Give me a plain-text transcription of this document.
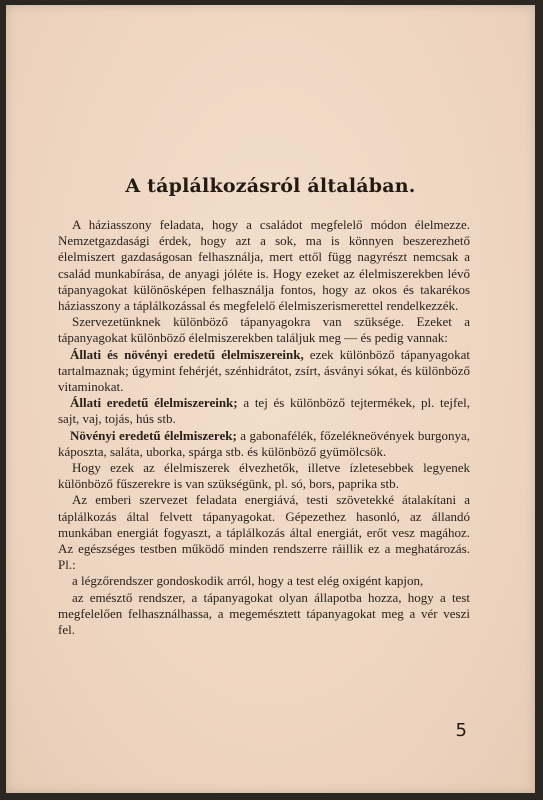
A táplálkozásról általában.

A háziasszony feladata, hogy a családot megfelelő módon élelmezze. Nemzetgazdasági érdek, hogy azt a sok, ma is könnyen beszerezhető élelmiszert gazdaságosan felhasználja, mert ettől függ nagyrészt nemcsak a család munkabírása, de anyagi jóléte is. Hogy ezeket az élelmiszerekben lévő tápanyagokat különösképen felhasználja fontos, hogy az okos és takarékos háziasszony a táplálkozással és megfelelő élelmiszerismerettel rendelkezzék.

Szervezetünknek különböző tápanyagokra van szüksége. Ezeket a tápanyagokat különböző élelmiszerekben találjuk meg — és pedig vannak:

Állati és növényi eredetű élelmiszereink, ezek különböző tápanyagokat tartalmaznak; úgymint fehérjét, szénhidrátot, zsírt, ásványi sókat, és különböző vitaminokat.

Állati eredetű élelmiszereink; a tej és különböző tejtermékek, pl. tejfel, sajt, vaj, tojás, hús stb.

Növényi eredetű élelmiszerek; a gabonafélék, főzelékneövények burgonya, káposzta, saláta, uborka, spárga stb. és különböző gyümölcsök.

Hogy ezek az élelmiszerek élvezhetők, illetve ízletesebbek legyenek különböző fűszerekre is van szükségünk, pl. só, bors, paprika stb.

Az emberi szervezet feladata energiává, testi szövetekké átalakítani a táplálkozás által felvett tápanyagokat. Gépezethez hasonló, az állandó munkában energiát fogyaszt, a táplálkozás által energiát, erőt vesz magához. Az egészséges testben működő minden rendszerre ráillik ez a meghatározás. Pl.:

a légzőrendszer gondoskodik arról, hogy a test elég oxigént kapjon,

az emésztő rendszer, a tápanyagokat olyan állapotba hozza, hogy a test megfelelően felhasználhassa, a megemésztett tápanyagokat meg a vér veszi fel.

5
